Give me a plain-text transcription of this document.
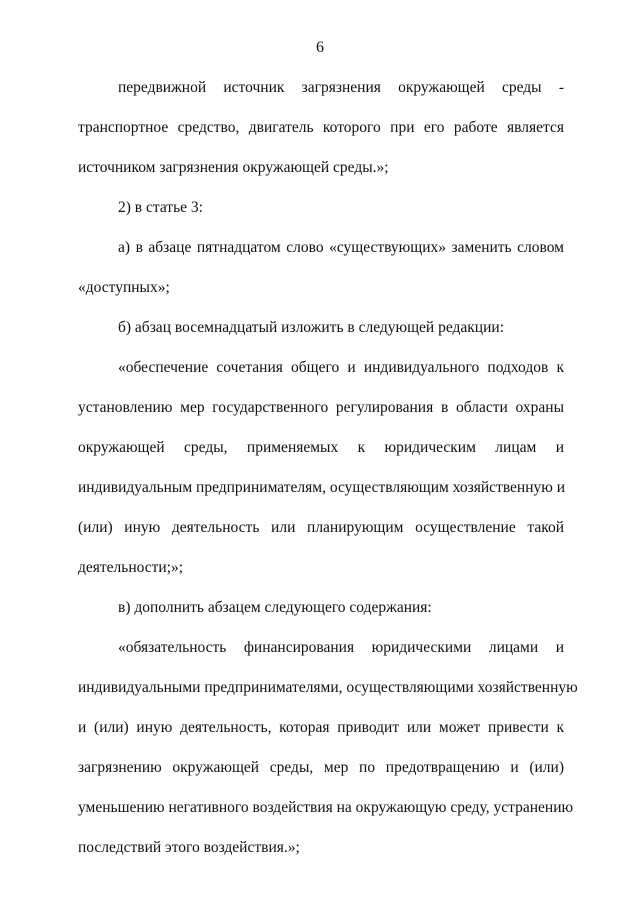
6
передвижной источник загрязнения окружающей среды -
транспортное средство, двигатель которого при его работе является
источником загрязнения окружающей среды.»;
2) в статье 3:
а) в абзаце пятнадцатом слово «существующих» заменить словом
«доступных»;
б) абзац восемнадцатый изложить в следующей редакции:
«обеспечение сочетания общего и индивидуального подходов к
установлению мер государственного регулирования в области охраны
окружающей среды, применяемых к юридическим лицам и
индивидуальным предпринимателям, осуществляющим хозяйственную и
(или) иную деятельность или планирующим осуществление такой
деятельности;»;
в) дополнить абзацем следующего содержания:
«обязательность финансирования юридическими лицами и
индивидуальными предпринимателями, осуществляющими хозяйственную
и (или) иную деятельность, которая приводит или может привести к
загрязнению окружающей среды, мер по предотвращению и (или)
уменьшению негативного воздействия на окружающую среду, устранению
последствий этого воздействия.»;
